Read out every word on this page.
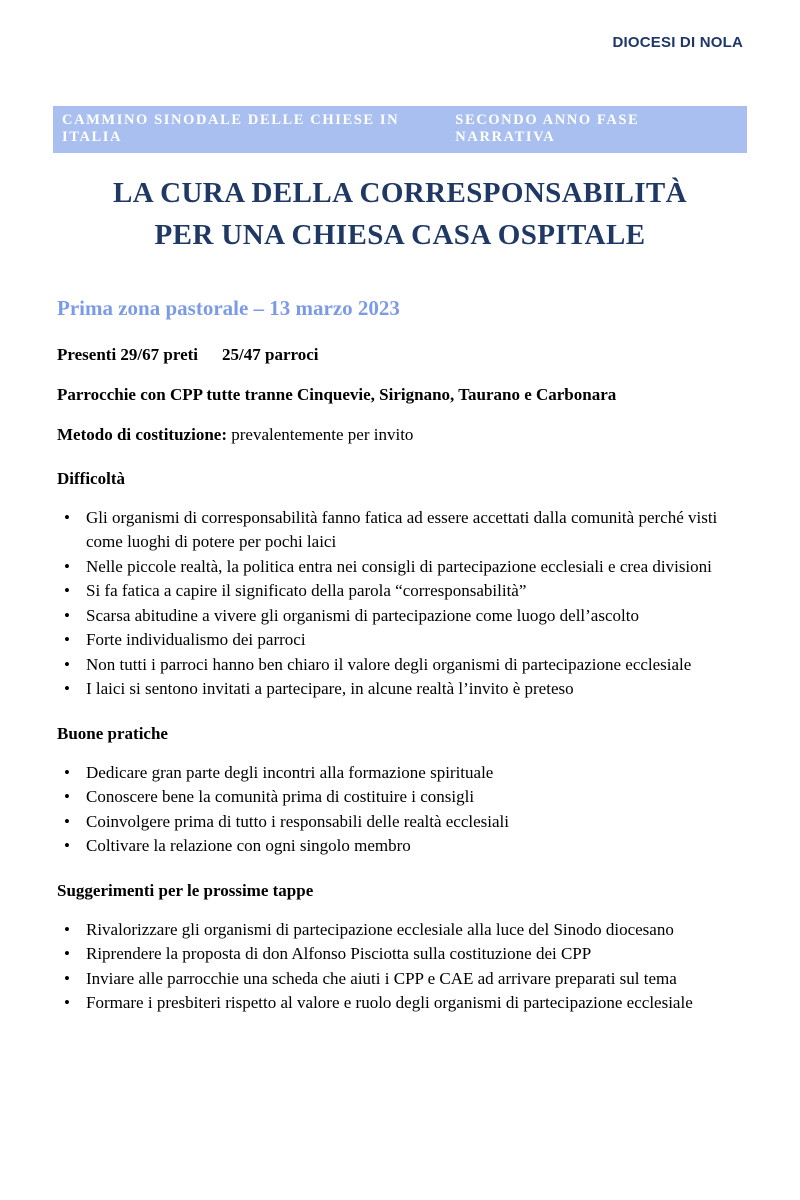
DIOCESI DI NOLA
CAMMINO SINODALE DELLE CHIESE IN ITALIA
SECONDO ANNO FASE NARRATIVA
LA CURA DELLA CORRESPONSABILITÀ
PER UNA CHIESA CASA OSPITALE
Prima zona pastorale – 13 marzo 2023

Presenti 29/67 preti 25/47 parroci

Parrocchie con CPP tutte tranne Cinquevie, Sirignano, Taurano e Carbonara

Metodo di costituzione: prevalentemente per invito

Difficoltà
• Gli organismi di corresponsabilità fanno fatica ad essere accettati dalla comunità perché visti come luoghi di potere per pochi laici
• Nelle piccole realtà, la politica entra nei consigli di partecipazione ecclesiali e crea divisioni
• Si fa fatica a capire il significato della parola “corresponsabilità”
• Scarsa abitudine a vivere gli organismi di partecipazione come luogo dell’ascolto
• Forte individualismo dei parroci
• Non tutti i parroci hanno ben chiaro il valore degli organismi di partecipazione ecclesiale
• I laici si sentono invitati a partecipare, in alcune realtà l’invito è preteso
Buone pratiche
• Dedicare gran parte degli incontri alla formazione spirituale
• Conoscere bene la comunità prima di costituire i consigli
• Coinvolgere prima di tutto i responsabili delle realtà ecclesiali
• Coltivare la relazione con ogni singolo membro
Suggerimenti per le prossime tappe
• Rivalorizzare gli organismi di partecipazione ecclesiale alla luce del Sinodo diocesano
• Riprendere la proposta di don Alfonso Pisciotta sulla costituzione dei CPP
• Inviare alle parrocchie una scheda che aiuti i CPP e CAE ad arrivare preparati sul tema
• Formare i presbiteri rispetto al valore e ruolo degli organismi di partecipazione ecclesiale
